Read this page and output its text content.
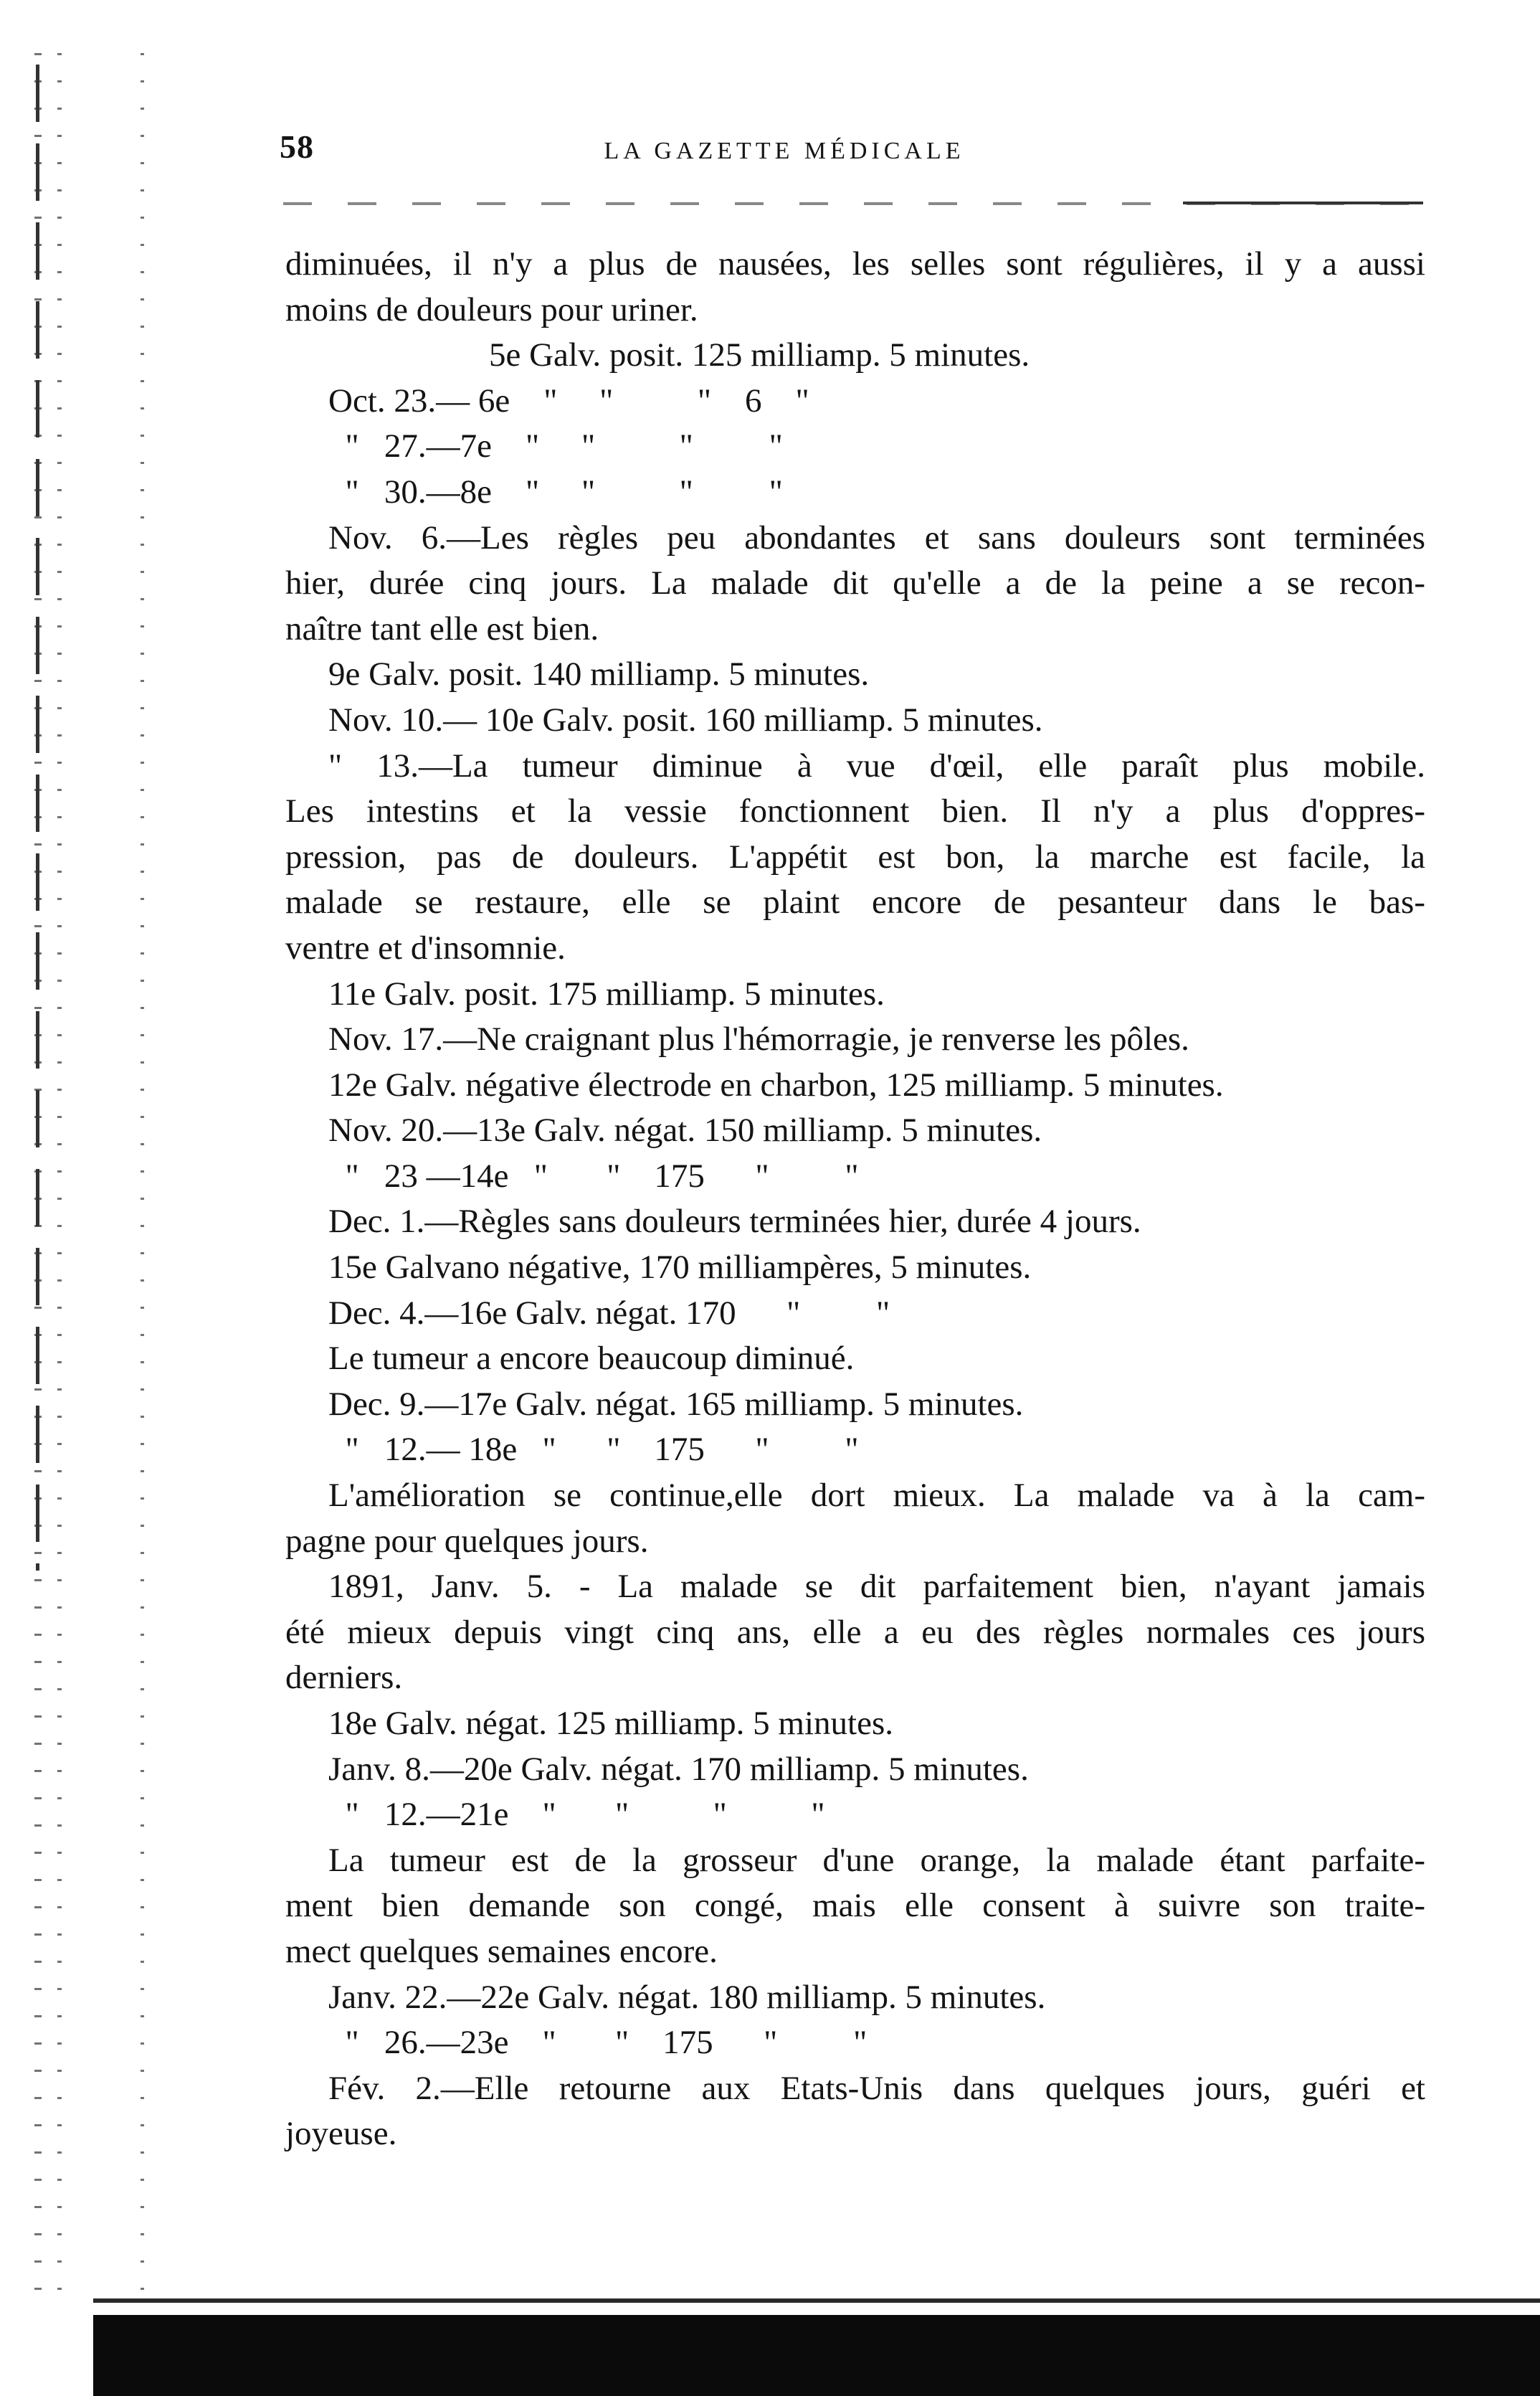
58	LA GAZETTE MÉDICALE
diminuées, il n'y a plus de nausées, les selles sont régulières, il y a aussi
moins de douleurs pour uriner.
5e Galv. posit. 125 milliamp. 5 minutes.
Oct. 23.— 6e    "     "          "    6    "
"   27.—7e    "     "          "         "
"   30.—8e    "     "          "         "
Nov. 6.—Les règles peu abondantes et sans douleurs sont terminées
hier, durée cinq jours. La malade dit qu'elle a de la peine a se recon-
naître tant elle est bien.
9e Galv. posit. 140 milliamp. 5 minutes.
Nov. 10.— 10e Galv. posit. 160 milliamp. 5 minutes.
" 13.—La tumeur diminue à vue d'œil, elle paraît plus mobile.
Les intestins et la vessie fonctionnent bien. Il n'y a plus d'oppres-
pression, pas de douleurs. L'appétit est bon, la marche est facile, la
malade se restaure, elle se plaint encore de pesanteur dans le bas-
ventre et d'insomnie.
11e Galv. posit. 175 milliamp. 5 minutes.
Nov. 17.—Ne craignant plus l'hémorragie, je renverse les pôles.
12e Galv. négative électrode en charbon, 125 milliamp. 5 minutes.
Nov. 20.—13e Galv. négat. 150 milliamp. 5 minutes.
"   23 —14e   "       "    175      "         "
Dec. 1.—Règles sans douleurs terminées hier, durée 4 jours.
15e Galvano négative, 170 milliampères, 5 minutes.
Dec. 4.—16e Galv. négat. 170      "         "
Le tumeur a encore beaucoup diminué.
Dec. 9.—17e Galv. négat. 165 milliamp. 5 minutes.
"   12.— 18e   "      "    175      "         "
L'amélioration se continue,elle dort mieux. La malade va à la cam-
pagne pour quelques jours.
1891, Janv. 5. - La malade se dit parfaitement bien, n'ayant jamais
été mieux depuis vingt cinq ans, elle a eu des règles normales ces jours
derniers.
18e Galv. négat. 125 milliamp. 5 minutes.
Janv. 8.—20e Galv. négat. 170 milliamp. 5 minutes.
"   12.—21e    "       "          "          "
La tumeur est de la grosseur d'une orange, la malade étant parfaite-
ment bien demande son congé, mais elle consent à suivre son traite-
mect quelques semaines encore.
Janv. 22.—22e Galv. négat. 180 milliamp. 5 minutes.
"   26.—23e    "       "    175      "         "
Fév. 2.—Elle retourne aux Etats-Unis dans quelques jours, guéri et
joyeuse.
